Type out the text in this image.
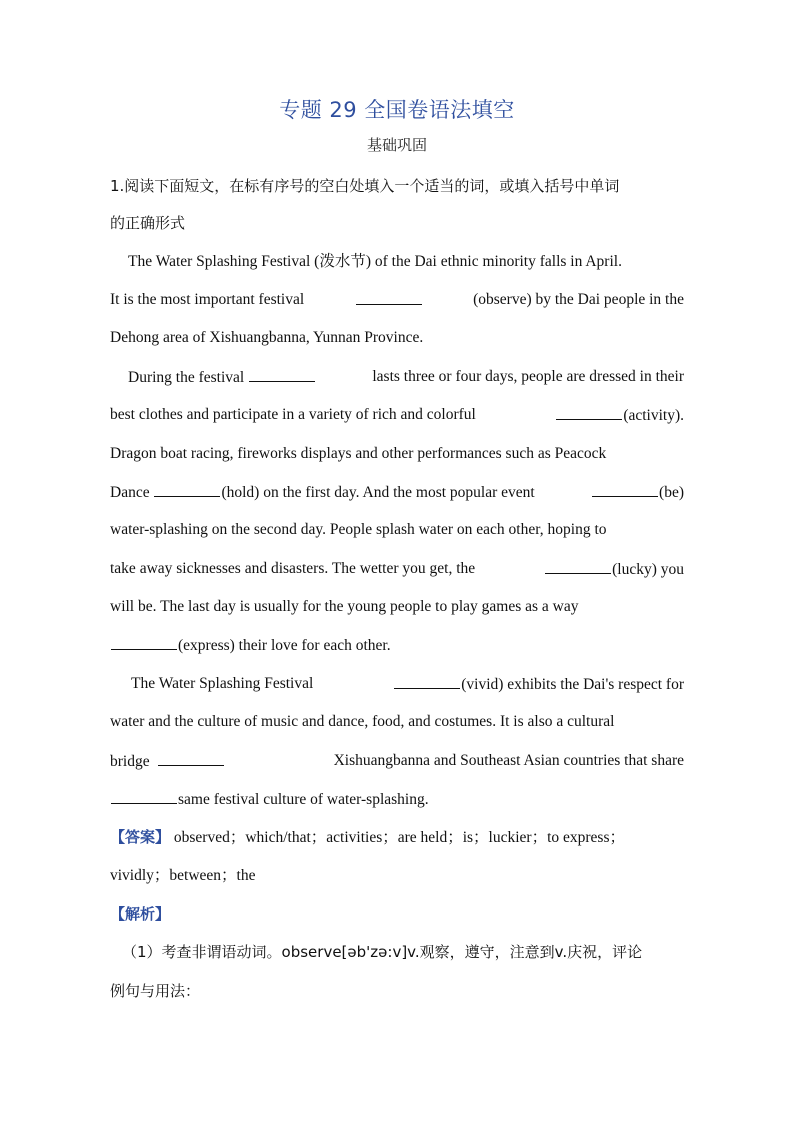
专题 29 全国卷语法填空
基础巩固
1.阅读下面短文，在标有序号的空白处填入一个适当的词，或填入括号中单词
的正确形式
The Water Splashing Festival (泼水节) of the Dai ethnic minority falls in April.
It is the most important festival	(observe) by the Dai people in the
Dehong area of Xishuangbanna, Yunnan Province.
During the festival	lasts three or four days, people are dressed in their
best clothes and participate in a variety of rich and colorful	(activity).
Dragon boat racing, fireworks displays and other performances such as Peacock
Dance	(hold) on the first day. And the most popular event	(be)
water-splashing on the second day. People splash water on each other, hoping to
take away sicknesses and disasters. The wetter you get, the	(lucky) you
will be. The last day is usually for the young people to play games as a way
(express) their love for each other.
The Water Splashing Festival	(vivid) exhibits the Dai's respect for
water and the culture of music and dance, food, and costumes. It is also a cultural
bridge	Xishuangbanna and Southeast Asian countries that share
same festival culture of water-splashing.
【答案】 observed；which/that；activities；are held；is；luckier；to express；
vividly；between；the
【解析】
（1）考查非谓语动词。observe[əb'zə:v]v.观察，遵守，注意到v.庆祝，评论
例句与用法：
